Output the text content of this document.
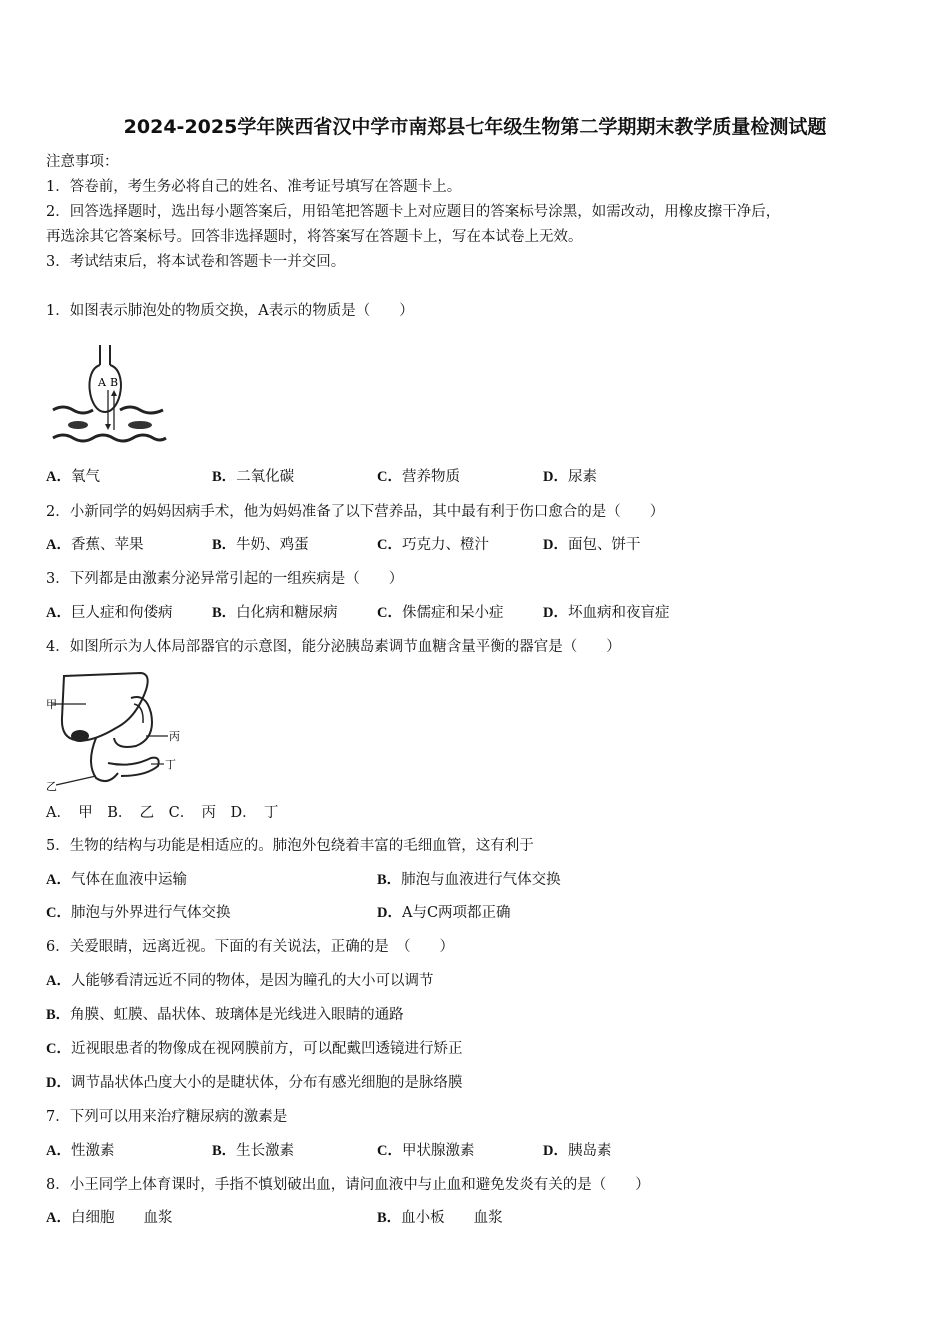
2024-2025学年陕西省汉中学市南郑县七年级生物第二学期期末教学质量检测试题
注意事项：
1．答卷前，考生务必将自己的姓名、准考证号填写在答题卡上。
2．回答选择题时，选出每小题答案后，用铅笔把答题卡上对应题目的答案标号涂黑，如需改动，用橡皮擦干净后，
再选涂其它答案标号。回答非选择题时，将答案写在答题卡上，写在本试卷上无效。
3．考试结束后，将本试卷和答题卡一并交回。
1．如图表示肺泡处的物质交换，A表示的物质是（　　）
A B
A．氧气	B．二氧化碳	C．营养物质	D．尿素
2．小新同学的妈妈因病手术，他为妈妈准备了以下营养品，其中最有利于伤口愈合的是（　　）
A．香蕉、苹果	B．牛奶、鸡蛋	C．巧克力、橙汁	D．面包、饼干
3．下列都是由激素分泌异常引起的一组疾病是（　　）
A．巨人症和佝偻病	B．白化病和糖尿病	C．侏儒症和呆小症	D．坏血病和夜盲症
4．如图所示为人体局部器官的示意图，能分泌胰岛素调节血糖含量平衡的器官是（　　）
甲
丙
丁
乙
A．　甲　B．　乙　C．　丙　D．　丁
5．生物的结构与功能是相适应的。肺泡外包绕着丰富的毛细血管，这有利于
A．气体在血液中运输	B．肺泡与血液进行气体交换
C．肺泡与外界进行气体交换	D．A与C两项都正确
6．关爱眼睛，远离近视。下面的有关说法，正确的是　（　　）
A．人能够看清远近不同的物体，是因为瞳孔的大小可以调节
B．角膜、虹膜、晶状体、玻璃体是光线进入眼睛的通路
C．近视眼患者的物像成在视网膜前方，可以配戴凹透镜进行矫正
D．调节晶状体凸度大小的是睫状体，分布有感光细胞的是脉络膜
7．下列可以用来治疗糖尿病的激素是
A．性激素	B．生长激素	C．甲状腺激素	D．胰岛素
8．小王同学上体育课时，手指不慎划破出血，请问血液中与止血和避免发炎有关的是（　　）
A．白细胞　　血浆	B．血小板　　血浆
